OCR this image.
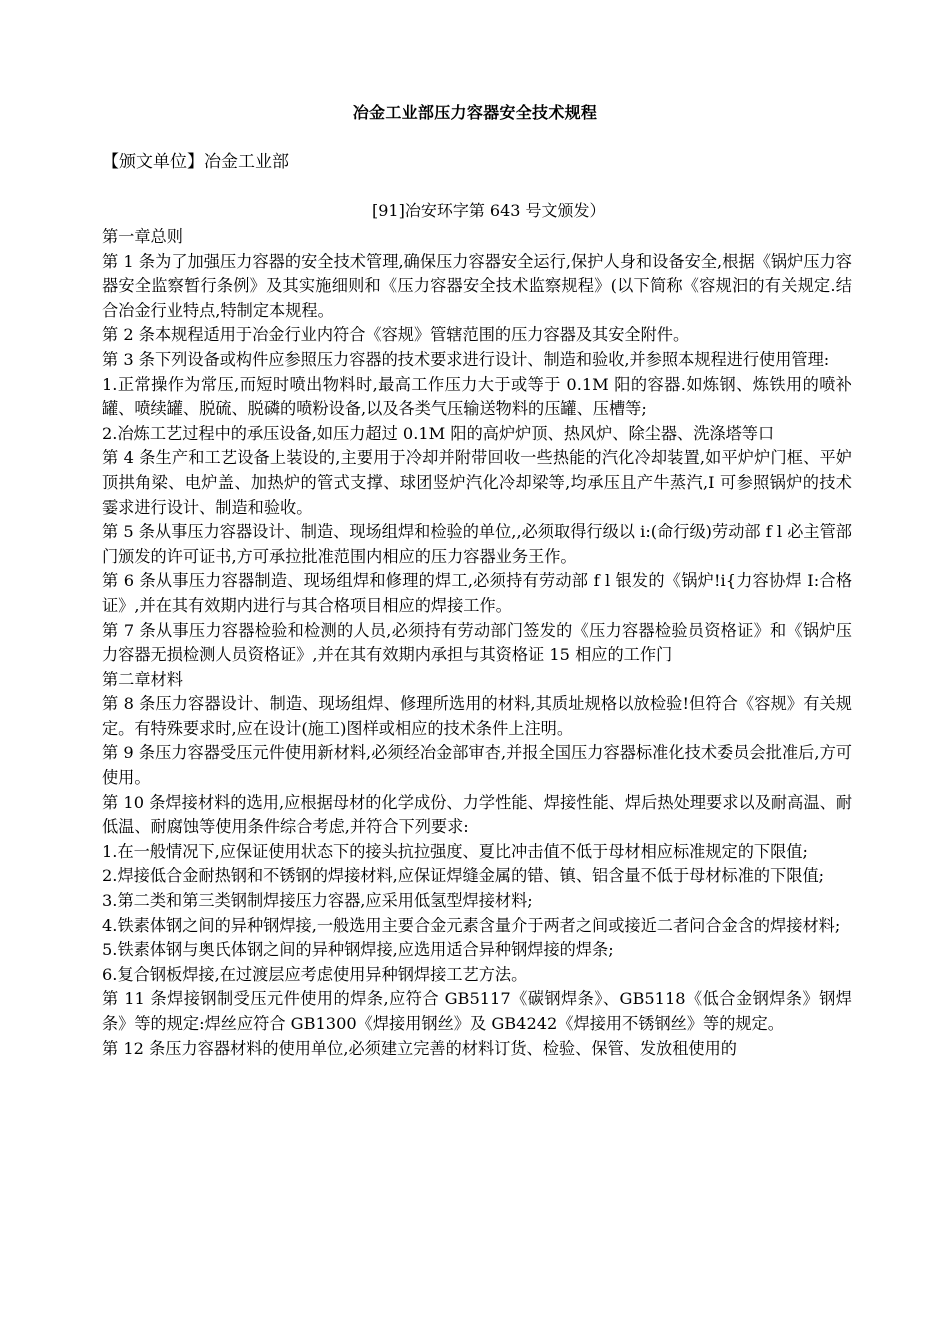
冶金工业部压力容器安全技术规程
【颁文单位】冶金工业部
[91]冶安环字第 643 号文颁发）

第一章总则

第 1 条为了加强压力容器的安全技术管理,确保压力容器安全运行,保护人身和设备安全,根据《锅炉压力容器安全监察暂行条例》及其实施细则和《压力容器安全技术监察规程》(以下简称《容规汩的有关规定.结合冶金行业特点,特制定本规程。

第 2 条本规程适用于冶金行业内符合《容规》管辖范围的压力容器及其安全附件。

第 3 条下列设备或构件应参照压力容器的技术要求进行设计、制造和验收,并参照本规程进行使用管理:

1.正常操作为常压,而短时喷出物料时,最高工作压力大于或等于 0.1M 阳的容器.如炼钢、炼铁用的喷补罐、喷续罐、脱硫、脱磷的喷粉设备,以及各类气压输送物料的压罐、压槽等;

2.冶炼工艺过程中的承压设备,如压力超过 0.1M 阳的高炉炉顶、热风炉、除尘器、洗涤塔等口

第 4 条生产和工艺设备上装设的,主要用于冷却并附带回收一些热能的汽化冷却装置,如平炉炉门框、平妒顶拱角梁、电炉盖、加热炉的管式支撑、球团竖炉汽化冷却梁等,均承压且产牛蒸汽,I 可参照锅炉的技术霎求进行设计、制造和验收。

第 5 条从事压力容器设计、制造、现场组焊和检验的单位,,必须取得行级以 i:(命行级)劳动部 f l 必主管部门颁发的许可证书,方可承拉批准范围内相应的压力容器业务王作。

第 6 条从事压力容器制造、现场组焊和修理的焊工,必须持有劳动部 f l 银发的《锅炉!i{力容协焊 I:合格证》,并在其有效期内进行与其合格项目相应的焊接工作。

第 7 条从事压力容器检验和检测的人员,必须持有劳动部门签发的《压力容器检验员资格证》和《锅炉压力容器无损检测人员资格证》,并在其有效期内承担与其资格证 15 相应的工作门

第二章材料

第 8 条压力容器设计、制造、现场组焊、修理所选用的材料,其质址规格以放检验!但符合《容规》有关规定。有特殊要求时,应在设计(施工)图样或相应的技术条件上注明。

第 9 条压力容器受压元件使用新材料,必须经冶金部审杏,并报全国压力容器标准化技术委员会批准后,方可使用。

第 10 条焊接材料的选用,应根据母材的化学成份、力学性能、焊接性能、焊后热处理要求以及耐高温、耐低温、耐腐蚀等使用条件综合考虑,并符合下列要求:

1.在一般情况下,应保证使用状态下的接头抗拉强度、夏比冲击值不低于母材相应标准规定的下限值;

2.焊接低合金耐热钢和不锈钢的焊接材料,应保证焊缝金属的错、镇、铝含量不低于母材标准的下限值;

3.第二类和第三类钢制焊接压力容器,应采用低氢型焊接材料;

4.铁素体钢之间的异种钢焊接,一般选用主要合金元素含量介于两者之间或接近二者问合金含的焊接材料;

5.铁素体钢与奥氏体钢之间的异种钢焊接,应选用适合异种钢焊接的焊条;

6.复合钢板焊接,在过渡层应考虑使用异种钢焊接工艺方法。

第 11 条焊接钢制受压元件使用的焊条,应符合 GB5117《碳钢焊条》、GB5118《低合金钢焊条》钢焊条》等的规定:焊丝应符合 GB1300《焊接用钢丝》及 GB4242《焊接用不锈钢丝》等的规定。

第 12 条压力容器材料的使用单位,必须建立完善的材料订货、检验、保管、发放租使用的
